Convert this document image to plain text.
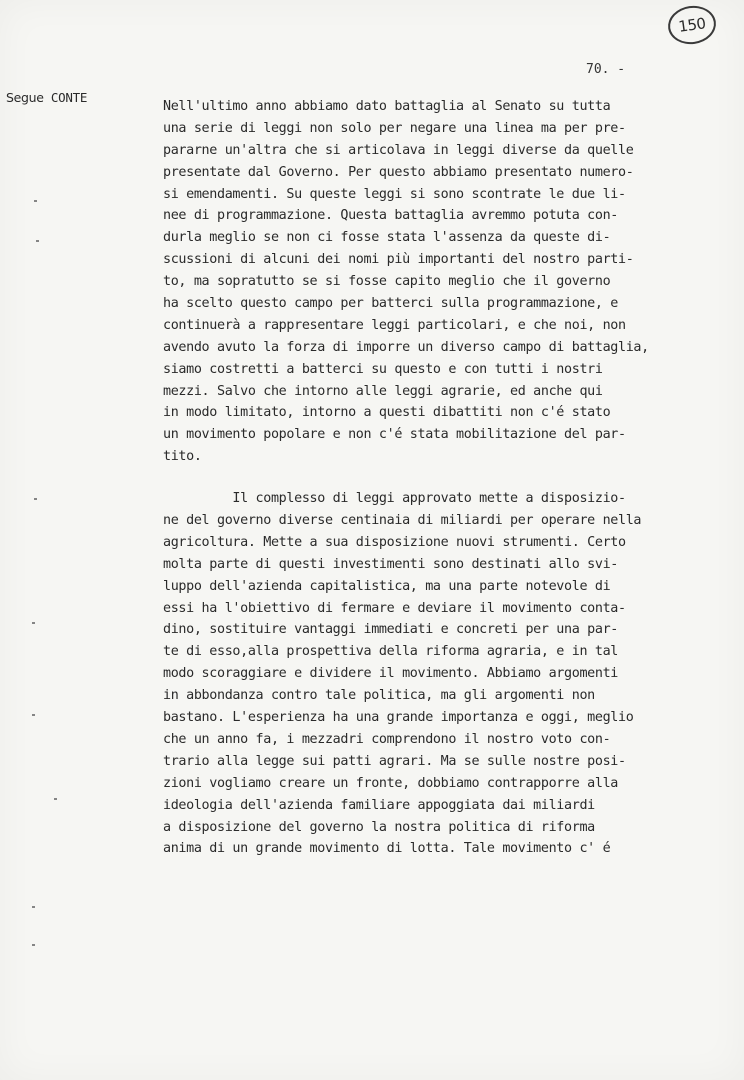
150
70. -
Segue CONTE
Nell'ultimo anno abbiamo dato battaglia al Senato su tutta
una serie di leggi non solo per negare una linea ma per pre-
pararne un'altra che si articolava in leggi diverse da quelle
presentate dal Governo. Per questo abbiamo presentato numero-
si emendamenti. Su queste leggi si sono scontrate le due li-
nee di programmazione. Questa battaglia avremmo potuta con-
durla meglio se non ci fosse stata l'assenza da queste di-
scussioni di alcuni dei nomi più importanti del nostro parti-
to, ma sopratutto se si fosse capito meglio che il governo
ha scelto questo campo per batterci sulla programmazione, e
continuerà a rappresentare leggi particolari, e che noi, non
avendo avuto la forza di imporre un diverso campo di battaglia,
siamo costretti a batterci su questo e con tutti i nostri
mezzi. Salvo che intorno alle leggi agrarie, ed anche qui
in modo limitato, intorno a questi dibattiti non c'é stato
un movimento popolare e non c'é stata mobilitazione del par-
tito.
Il complesso di leggi approvato mette a disposizio-
ne del governo diverse centinaia di miliardi per operare nella
agricoltura. Mette a sua disposizione nuovi strumenti. Certo
molta parte di questi investimenti sono destinati allo svi-
luppo dell'azienda capitalistica, ma una parte notevole di
essi ha l'obiettivo di fermare e deviare il movimento conta-
dino, sostituire vantaggi immediati e concreti per una par-
te di esso,alla prospettiva della riforma agraria, e in tal
modo scoraggiare e dividere il movimento. Abbiamo argomenti
in abbondanza contro tale politica, ma gli argomenti non
bastano. L'esperienza ha una grande importanza e oggi, meglio
che un anno fa, i mezzadri comprendono il nostro voto con-
trario alla legge sui patti agrari. Ma se sulle nostre posi-
zioni vogliamo creare un fronte, dobbiamo contrapporre alla
ideologia dell'azienda familiare appoggiata dai miliardi
a disposizione del governo la nostra politica di riforma
anima di un grande movimento di lotta. Tale movimento c' é
